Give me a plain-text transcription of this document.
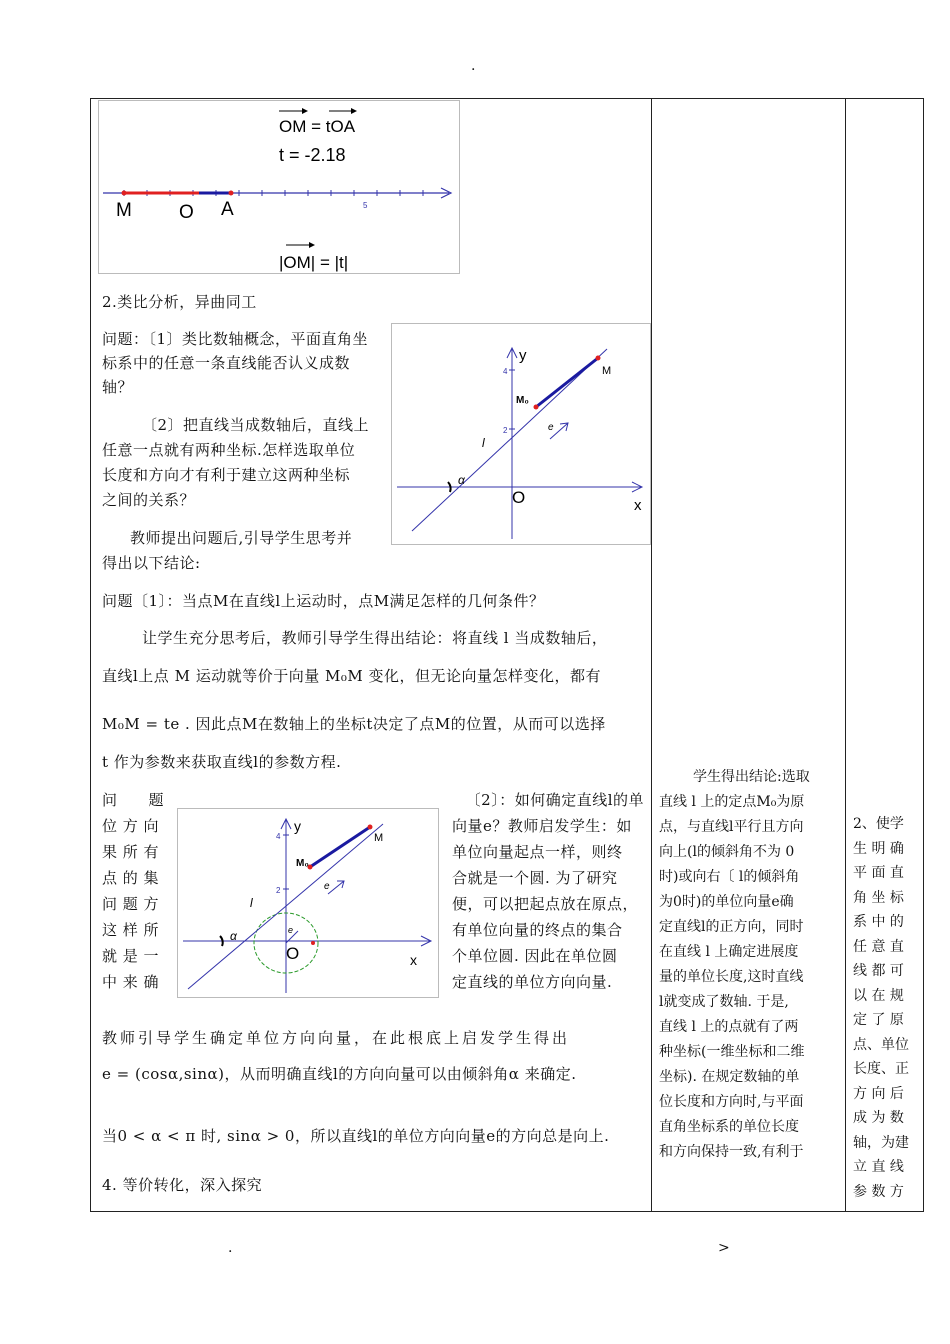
.
.	>
OM = tOA
t = -2.18
M O A	5
|OM| = |t|
2.类比分析，异曲同工
问题：〔1〕类比数轴概念，平面直角坐
标系中的任意一条直线能否认义成数
轴？
〔2〕把直线当成数轴后，直线上
任意一点就有两种坐标.怎样选取单位
长度和方向才有利于建立这两种坐标
之间的关系？
教师提出问题后,引导学生思考并
得出以下结论:
4
2
y
x
O
M
M₀
l
e
α
问题〔1〕：当点M在直线l上运动时，点M满足怎样的几何条件？
让学生充分思考后，教师引导学生得出结论：将直线 l 当成数轴后，
直线l上点 M 运动就等价于向量 M₀M 变化，但无论向量怎样变化，都有
M₀M = te . 因此点M在数轴上的坐标t决定了点M的位置，从而可以选择
t 作为参数来获取直线l的参数方程.
问　　题
位 方 向
果 所 有
点 的 集
问 题 方
这 样 所
就 是 一
中 来 确
4
2
y
x
O
M
M₀
l
e
e
α
〔2〕：如何确定直线l的单
向量e？教师启发学生：如
单位向量起点一样，则终
合就是一个圆. 为了研究
便，可以把起点放在原点，
有单位向量的终点的集合
个单位圆. 因此在单位圆
定直线的单位方向向量.
教师引导学生确定单位方向向量，在此根底上启发学生得出
e = (cosα,sinα)，从而明确直线l的方向向量可以由倾斜角α 来确定.
当0 < α < π 时, sinα > 0，所以直线l的单位方向向量e的方向总是向上.
4. 等价转化，深入探究
学生得出结论:选取
直线 l 上的定点M₀为原
点，与直线l平行且方向
向上(l的倾斜角不为 0
时)或向右〔 l的倾斜角
为0时)的单位向量e确
定直线l的正方向，同时
在直线 l 上确定进展度
量的单位长度,这时直线
l就变成了数轴. 于是,
直线 l 上的点就有了两
种坐标(一维坐标和二维
坐标). 在规定数轴的单
位长度和方向时,与平面
直角坐标系的单位长度
和方向保持一致,有利于
2、使学
生 明 确
平 面 直
角 坐 标
系 中 的
任 意 直
线 都 可
以 在 规
定 了 原
点、单位
长度、正
方 向 后
成 为 数
轴，为建
立 直 线
参 数 方
